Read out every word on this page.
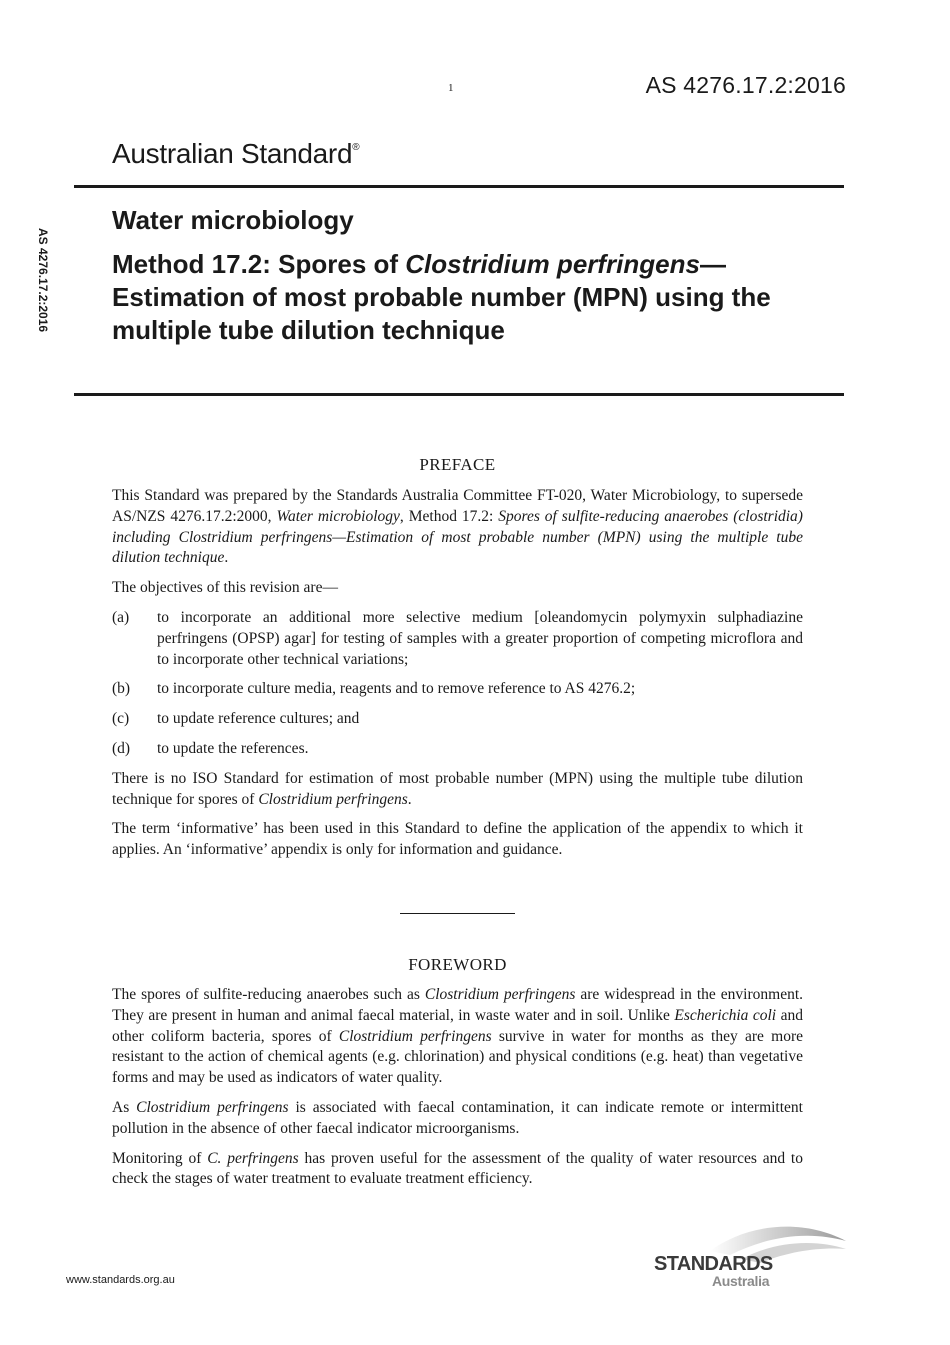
1	AS 4276.17.2:2016
AS 4276.17.2:2016
Australian Standard®
Water microbiology
Method 17.2: Spores of Clostridium perfringens—Estimation of most probable number (MPN) using the multiple tube dilution technique
PREFACE

This Standard was prepared by the Standards Australia Committee FT-020, Water Microbiology, to supersede AS/NZS 4276.17.2:2000, Water microbiology, Method 17.2: Spores of sulfite-reducing anaerobes (clostridia) including Clostridium perfringens—Estimation of most probable number (MPN) using the multiple tube dilution technique.

The objectives of this revision are—

(a)	to incorporate an additional more selective medium [oleandomycin polymyxin sulphadiazine perfringens (OPSP) agar] for testing of samples with a greater proportion of competing microflora and to incorporate other technical variations;
(b)	to incorporate culture media, reagents and to remove reference to AS 4276.2;
(c)	to update reference cultures; and
(d)	to update the references.

There is no ISO Standard for estimation of most probable number (MPN) using the multiple tube dilution technique for spores of Clostridium perfringens.

The term ‘informative’ has been used in this Standard to define the application of the appendix to which it applies. An ‘informative’ appendix is only for information and guidance.

FOREWORD

The spores of sulfite-reducing anaerobes such as Clostridium perfringens are widespread in the environment. They are present in human and animal faecal material, in waste water and in soil. Unlike Escherichia coli and other coliform bacteria, spores of Clostridium perfringens survive in water for months as they are more resistant to the action of chemical agents (e.g. chlorination) and physical conditions (e.g. heat) than vegetative forms and may be used as indicators of water quality.

As Clostridium perfringens is associated with faecal contamination, it can indicate remote or intermittent pollution in the absence of other faecal indicator microorganisms.

Monitoring of C. perfringens has proven useful for the assessment of the quality of water resources and to check the stages of water treatment to evaluate treatment efficiency.

www.standards.org.au
STANDARDS
Australia
